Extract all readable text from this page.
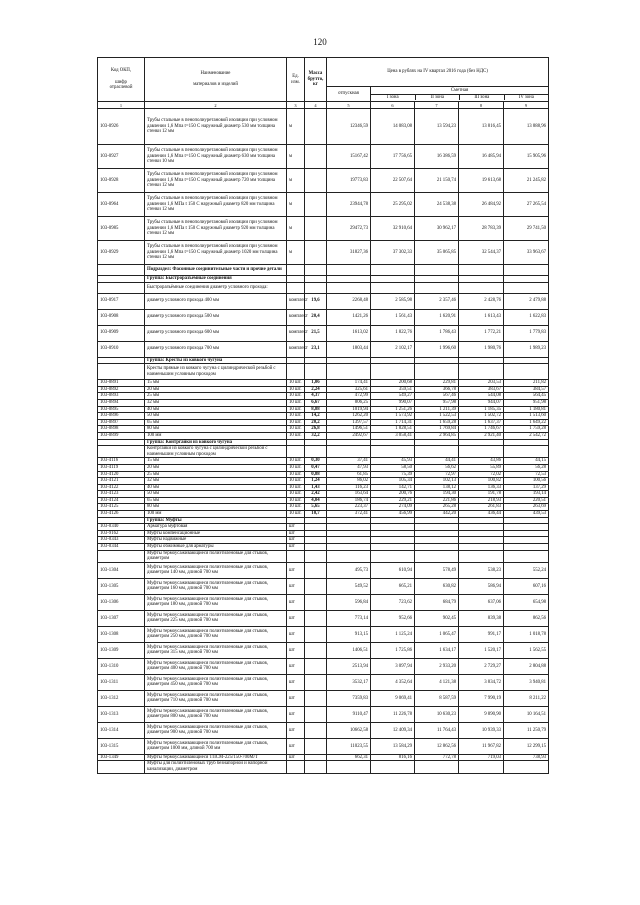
120
Код ОКП,

шифр
отраслевой	Наименование

материалов и изделий	Ед.
изм.	Масса
брутто,
кг	Цена в рублях на IV квартал 2016 года (без НДС)				
				отпускная	Сметная
I зона II зона III зона IV зона			

1	2	3	4	5	6	7	8	9
103-0926	Трубы стальные в пенополиуретановой изоляции при условном давлении 1,6 Мпа t=150 С наружный диаметр 530 мм толщина стенки 12 мм	м		12346,59	14 083,08	13 594,23	13 816,45	13 888,96
103-0927	Трубы стальные в пенополиуретановой изоляции при условном давлении 1,6 Мпа t=150 С наружный диаметр 630 мм толщина стенки 10 мм	м		15167,42	17 756,65	16 386,59	16 485,94	15 905,96
103-0928	Трубы стальные в пенополиуретановой изоляции при условном давлении 1,6 Мпа t=150 С наружный диаметр 720 мм толщина стенки 12 мм	м		19773,83	22 507,64	21 150,74	19 613,68	21 245,82
103-0964	Трубы стальные в пенополиуретановой изоляции при условном давлении 1,6 МПа t 150 С наружный диаметр 820 мм толщина стенки 12 мм	м		23944,78	25 295,02	24 538,38	26 484,92	27 265,54
103-0985	Трубы стальные в пенополиуретановой изоляции при условном давлении 1,6 МПа t 150 С наружный диаметр 920 мм толщина стенки 12 мм	м		29472,73	32 910,64	30 962,17	28 783,39	29 741,50
103-0929	Трубы стальные в пенополиуретановой изоляции при условном давлении 1,6 Мпа t=150 С наружный диаметр 1020 мм толщина стенки 12 мм	м		31827,36	37 302,33	35 065,85	32 544,37	33 963,67
	Подраздел: Фасонные соединительные части и прочие детали							
	Группа: Быстроразъёмные соединения							
	Быстроразъёмные соединения диаметр условного прохода:							
103-0917	диаметр условного прохода 400 мм	комплект	19,6	2268,48	2 585,98	2 357,46	2 428,76	2 479,88
103-0908	диаметр условного прохода 500 мм	комплект	20,4	1421,26	1 561,43	1 620,91	1 613,43	1 622,83
103-0909	диаметр условного прохода 600 мм	комплект	21,5	1613,02	1 822,76	1 786,43	1 772,21	1 779,83
103-0910	диаметр условного прохода 700 мм	комплект	23,1	1803,44	2 102,17	1 996,60	1 980,76	1 989,23
	Группа: Кресты из ковкого чугуна							
	Кресты прямые из ковкого чугуна с цилиндрической резьбой с наименьшим условным проходом							
103-0891	15 мм	10 шт.	1,06	174,41	200,68	229,81	203,53	211,82
103-0892	20 мм	10 шт.	2,24	325,61	359,51	366,78	383,67	384,57
103-0893	25 мм	10 шт.	4,37	472,99	549,27	567,46	544,08	564,45
103-0894	32 мм	10 шт.	6,67	806,25	990,07	957,98	944,07	951,98
103-0895	40 мм	10 шт.	8,88	1019,94	1 251,26	1 211,39	1 185,35	1 180,81
103-0896	50 мм	10 шт.	14,2	1262,20	1 573,92	1 522,53	1 502,72	1 513,60
103-0897	65 мм	10 шт.	20,2	1397,57	1 714,31	1 659,28	1 637,37	1 649,22
103-0898	80 мм	10 шт.	26,8	1496,51	1 828,51	1 769,84	1 746,67	1 759,28
103-0899	100 мм	10 шт.	32,2	2492,67	3 058,41	2 964,85	2 921,40	2 542,72
	Группа: Контргайки из ковкого чугуна							
	Контргайки из ковкого чугуна с цилиндрической резьбой с наименьшим условным проходом							
103-4116	15 мм	10 шт.	0,30	37,41	45,93	44,41	43,86	44,15
103-4119	20 мм	10 шт.	0,47	47,93	58,50	56,62	55,89	56,28
103-4120	25 мм	10 шт.	0,88	61,85	75,39	72,97	72,02	72,53
103-4121	32 мм	10 шт.	1,24	86,02	105,34	102,13	100,82	100,56
103-4122	40 мм	10 шт.	1,43	116,23	142,71	138,12	136,33	137,29
103-4123	50 мм	10 шт.	2,42	163,64	200,76	194,30	191,78	193,14
103-4124	65 мм	10 шт.	4,04	186,74	229,21	221,86	218,93	220,51
103-4125	80 мм	10 шт.	5,65	223,37	274,09	265,28	261,83	263,69
103-4126	100 мм	10 шт.	10,7	372,41	456,99	442,20	436,44	439,53
	Группа: Муфты							
103-0340	Арматура муфтовая	шт						
103-9162	Муфты компенсационные	шт						
103-0343	Муфты надвижные	шт						
103-0344	Муфты обжимные для арматуры	шт						
	Муфты термоусаживающиеся полиэтиленовые для стыков, диаметром							
103-1304	Муфты термоусаживающиеся полиэтиленовые для стыков, диаметром 140 мм, длиной 700 мм	шт		495,73	610,94	578,49	538,23	552,24
103-1305	Муфты термоусаживающиеся полиэтиленовые для стыков, диаметром 160 мм, длиной 700 мм	шт		549,52	665,21	630,82	586,94	607,16
103-1306	Муфты термоусаживающиеся полиэтиленовые для стыков, диаметром 180 мм, длиной 700 мм	шт		596,84	723,62	684,79	637,06	654,98
103-1307	Муфты термоусаживающиеся полиэтиленовые для стыков, диаметром 225 мм, длиной 700 мм	шт		773,14	952,66	902,45	839,38	862,56
103-1308	Муфты термоусаживающиеся полиэтиленовые для стыков, диаметром 250 мм, длиной 700 мм	шт		913,15	1 125,24	1 065,47	991,17	1 018,78
103-1309	Муфты термоусаживающиеся полиэтиленовые для стыков, диаметром 315 мм, длиной 700 мм	шт		1406,51	1 725,86	1 634,17	1 520,17	1 562,55
103-1310	Муфты термоусаживающиеся полиэтиленовые для стыков, диаметром 400 мм, длиной 700 мм	шт		2513,94	3 097,94	2 933,20	2 729,27	2 804,88
103-1311	Муфты термоусаживающиеся полиэтиленовые для стыков, диаметром 450 мм, длиной 700 мм	шт		3532,17	4 352,64	4 121,38	3 834,72	3 940,81
103-1312	Муфты термоусаживающиеся полиэтиленовые для стыков, диаметром 710 мм, длиной 700 мм	шт		7359,83	9 069,41	8 587,59	7 990,19	8 211,22
103-1313	Муфты термоусаживающиеся полиэтиленовые для стыков, диаметром 800 мм, длиной 700 мм	шт		9110,47	11 226,78	10 630,23	9 890,90	10 164,51
103-1314	Муфты термоусаживающиеся полиэтиленовые для стыков, диаметром 900 мм, длиной 700 мм	шт		10662,58	12 409,34	11 764,43	10 939,33	11 250,79
103-1315	Муфты термоусаживающиеся полиэтиленовые для стыков, диаметром 1000 мм, длиной 700 мм	шт		11023,55	13 584,29	12 862,56	11 967,82	12 299,15
103-1349	Муфты термоусаживающиеся ТПСМ-225/150-700М/Т	шт		662,31	816,16	772,78	719,03	738,93
	Муфты для полиэтиленовых труб безнапорной и напорной канализации, диаметром							
